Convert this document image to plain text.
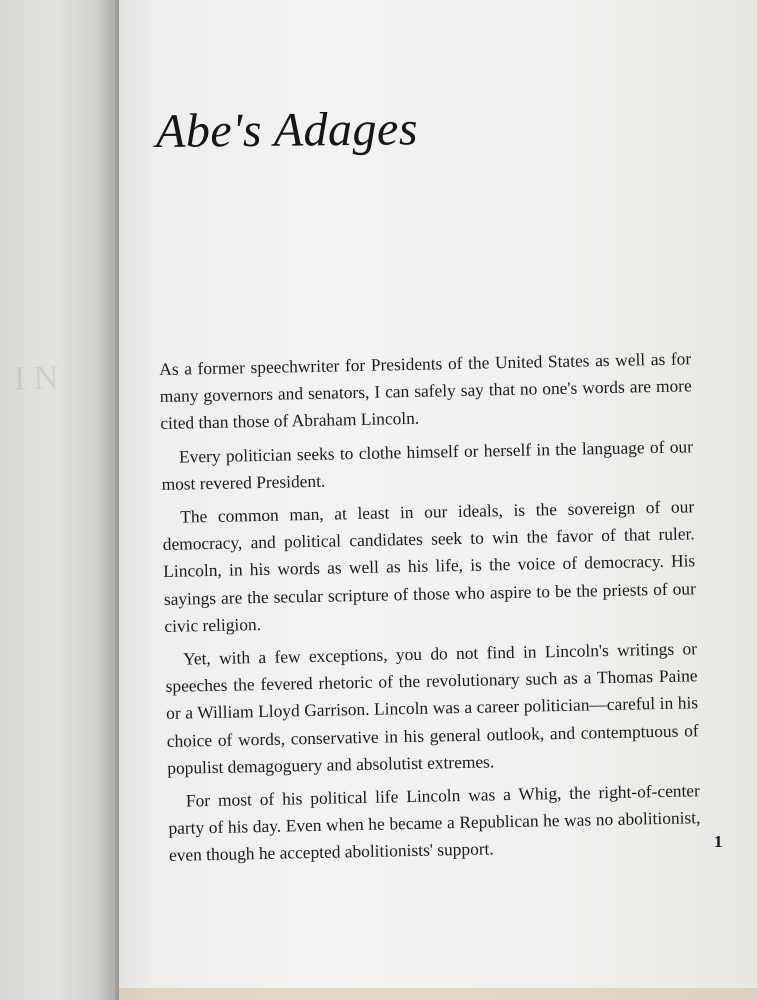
I N
Abe's Adages

As a former speechwriter for Presidents of the United States as well as for many governors and senators, I can safely say that no one's words are more cited than those of Abraham Lincoln.

Every politician seeks to clothe himself or herself in the language of our most revered President.

The common man, at least in our ideals, is the sovereign of our democracy, and political candidates seek to win the favor of that ruler. Lincoln, in his words as well as his life, is the voice of democracy. His sayings are the secular scripture of those who aspire to be the priests of our civic religion.

Yet, with a few exceptions, you do not find in Lincoln's writings or speeches the fevered rhetoric of the revolutionary such as a Thomas Paine or a William Lloyd Garrison. Lincoln was a career politician—careful in his choice of words, conservative in his general outlook, and contemptuous of populist demagoguery and absolutist extremes.

For most of his political life Lincoln was a Whig, the right-of-center party of his day. Even when he became a Republican he was no abolitionist, even though he accepted abolitionists' support.	1
